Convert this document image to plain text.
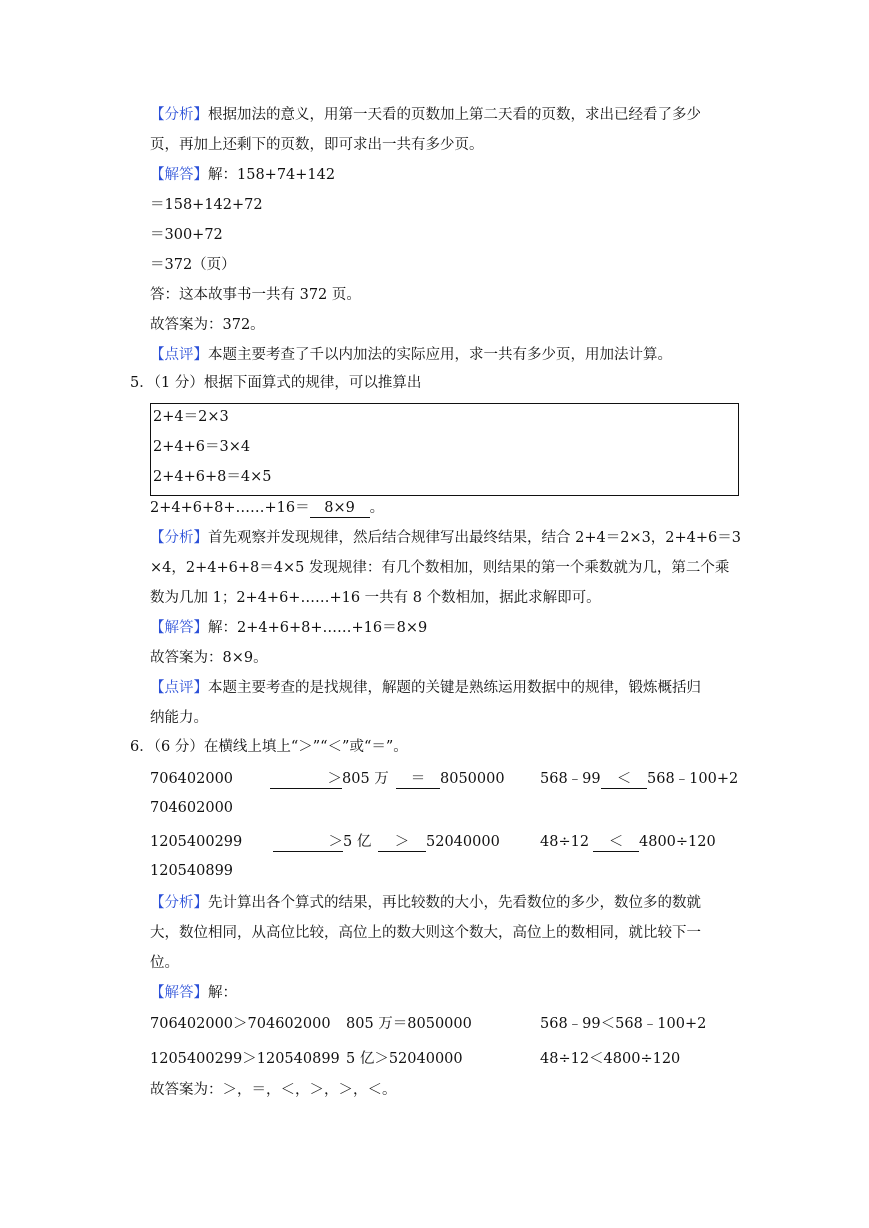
【分析】根据加法的意义，用第一天看的页数加上第二天看的页数，求出已经看了多少
页，再加上还剩下的页数，即可求出一共有多少页。
【解答】解：158+74+142
＝158+142+72
＝300+72
＝372（页）
答：这本故事书一共有 372 页。
故答案为：372。
【点评】本题主要考查了千以内加法的实际应用，求一共有多少页，用加法计算。
5．（1 分）根据下面算式的规律，可以推算出
2+4＝2×3
2+4+6＝3×4
2+4+6+8＝4×5
2+4+6+8+……+16＝ 8×9 。
【分析】首先观察并发现规律，然后结合规律写出最终结果，结合 2+4＝2×3，2+4+6＝3
×4，2+4+6+8＝4×5 发现规律：有几个数相加，则结果的第一个乘数就为几，第二个乘
数为几加 1；2+4+6+……+16 一共有 8 个数相加，据此求解即可。
【解答】解：2+4+6+8+……+16＝8×9
故答案为：8×9。
【点评】本题主要考查的是找规律，解题的关键是熟练运用数据中的规律，锻炼概括归
纳能力。
6．（6 分）在横线上填上“＞”“＜”或“＝”。
706402000	＞805 万	＝ 8050000 568﹣99	＜ 568﹣100+2
704602000
1205400299	＞5 亿	＞ 52040000	48÷12	＜ 4800÷120
120540899
【分析】先计算出各个算式的结果，再比较数的大小，先看数位的多少，数位多的数就
大，数位相同，从高位比较，高位上的数大则这个数大，高位上的数相同，就比较下一
位。
【解答】解：
706402000＞704602000 805 万＝8050000	568﹣99＜568﹣100+2
1205400299＞120540899 5 亿＞52040000	48÷12＜4800÷120
故答案为：＞，＝，＜，＞，＞，＜。
